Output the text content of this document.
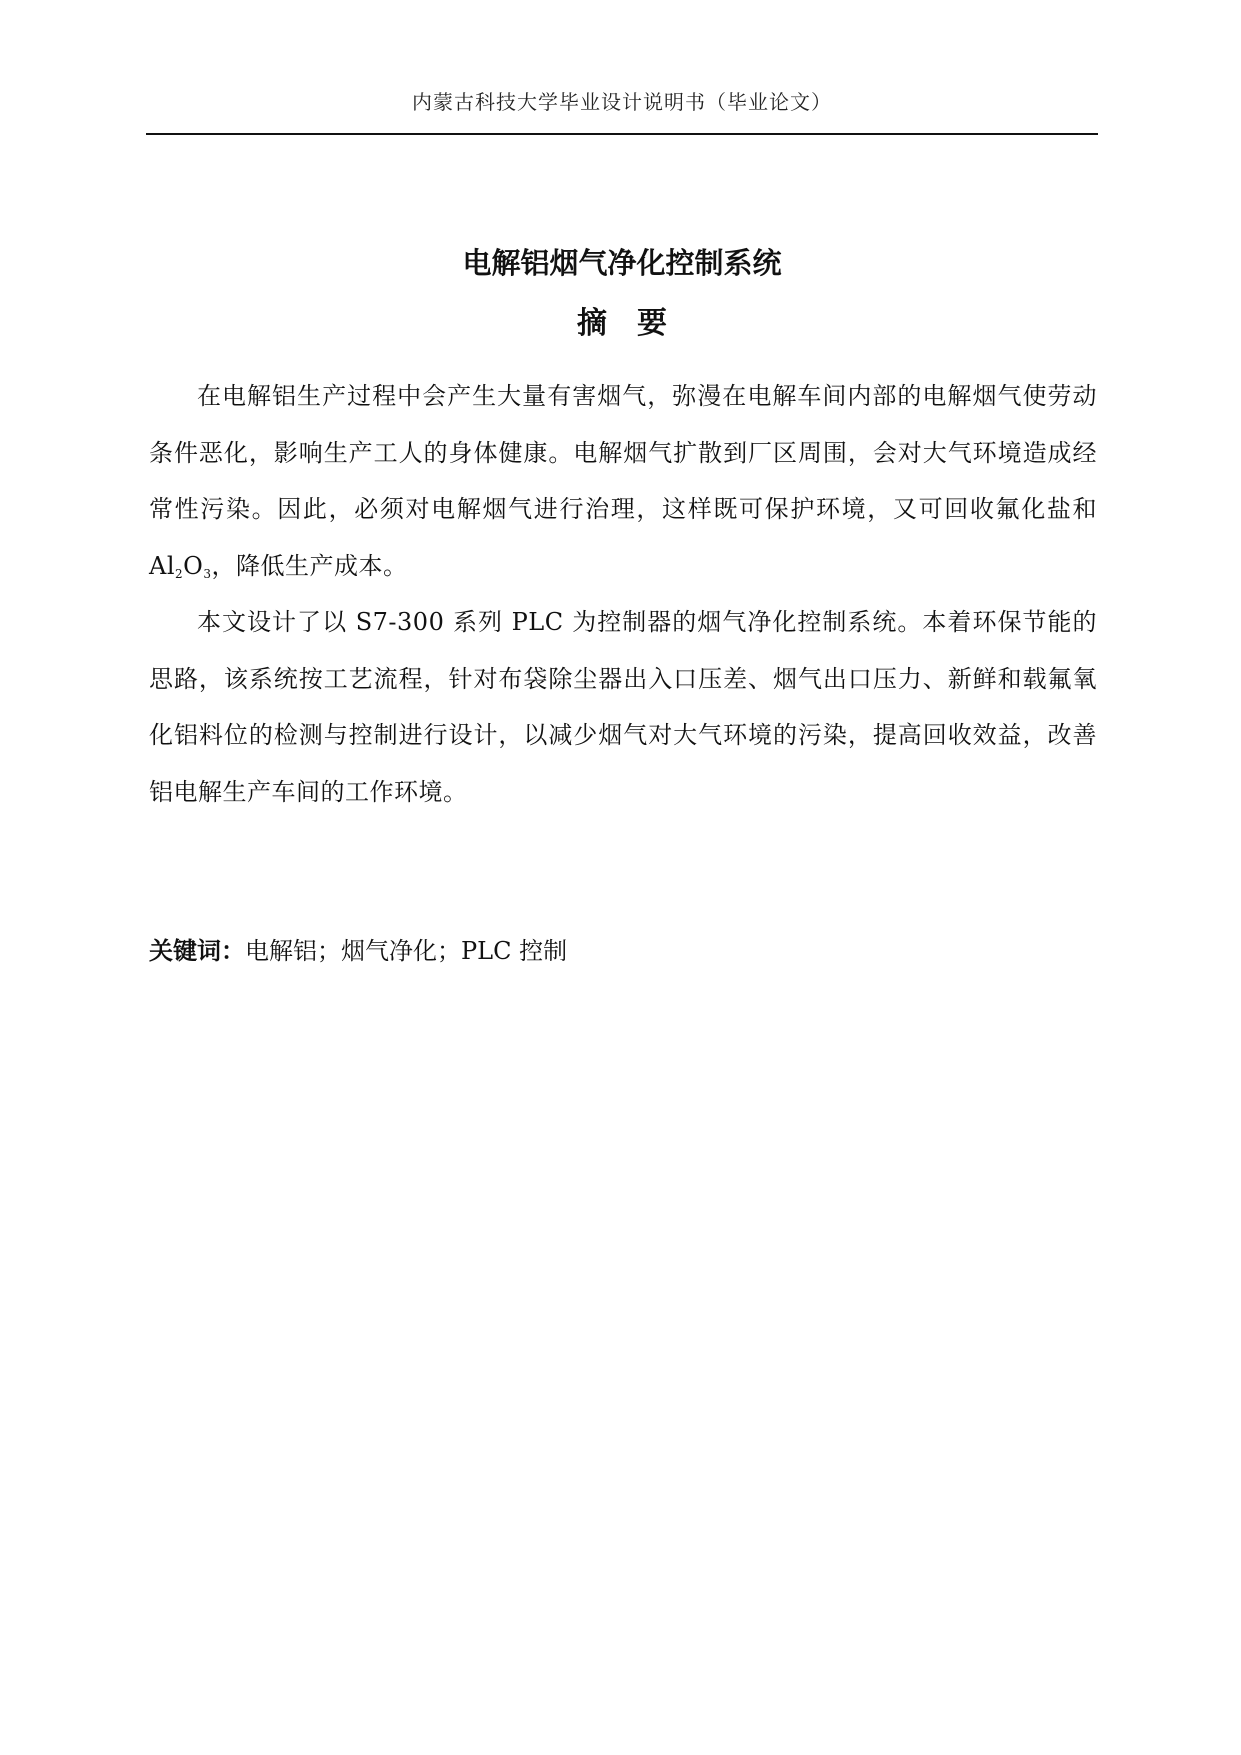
内蒙古科技大学毕业设计说明书（毕业论文）
电解铝烟气净化控制系统
摘　要

在电解铝生产过程中会产生大量有害烟气，弥漫在电解车间内部的电解烟气使劳动条件恶化，影响生产工人的身体健康。电解烟气扩散到厂区周围，会对大气环境造成经常性污染。因此，必须对电解烟气进行治理，这样既可保护环境，又可回收氟化盐和Al2O3，降低生产成本。

本文设计了以 S7-300 系列 PLC 为控制器的烟气净化控制系统。本着环保节能的思路，该系统按工艺流程，针对布袋除尘器出入口压差、烟气出口压力、新鲜和载氟氧化铝料位的检测与控制进行设计，以减少烟气对大气环境的污染，提高回收效益，改善铝电解生产车间的工作环境。

关键词：电解铝；烟气净化；PLC 控制
